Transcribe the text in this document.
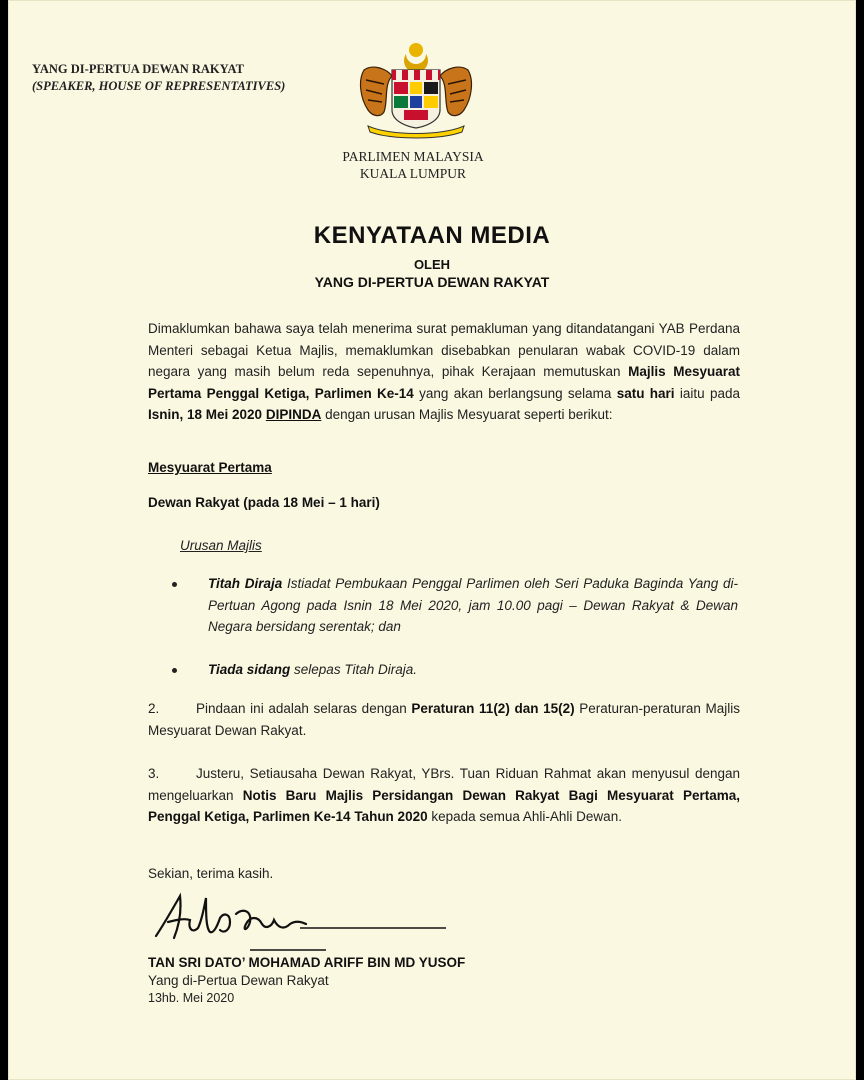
YANG DI-PERTUA DEWAN RAKYAT
(SPEAKER, HOUSE OF REPRESENTATIVES)
PARLIMEN MALAYSIA
KUALA LUMPUR
KENYATAAN MEDIA
OLEH
YANG DI-PERTUA DEWAN RAKYAT
Dimaklumkan bahawa saya telah menerima surat pemakluman yang ditandatangani YAB Perdana Menteri sebagai Ketua Majlis, memaklumkan disebabkan penularan wabak COVID-19 dalam negara yang masih belum reda sepenuhnya, pihak Kerajaan memutuskan Majlis Mesyuarat Pertama Penggal Ketiga, Parlimen Ke-14 yang akan berlangsung selama satu hari iaitu pada Isnin, 18 Mei 2020 DIPINDA dengan urusan Majlis Mesyuarat seperti berikut:
Mesyuarat Pertama
Dewan Rakyat (pada 18 Mei – 1 hari)
Urusan Majlis
Titah Diraja Istiadat Pembukaan Penggal Parlimen oleh Seri Paduka Baginda Yang di-Pertuan Agong pada Isnin 18 Mei 2020, jam 10.00 pagi – Dewan Rakyat & Dewan Negara bersidang serentak; dan
Tiada sidang selepas Titah Diraja.
2.	Pindaan ini adalah selaras dengan Peraturan 11(2) dan 15(2) Peraturan-peraturan Majlis Mesyuarat Dewan Rakyat.
3.	Justeru, Setiausaha Dewan Rakyat, YBrs. Tuan Riduan Rahmat akan menyusul dengan mengeluarkan Notis Baru Majlis Persidangan Dewan Rakyat Bagi Mesyuarat Pertama, Penggal Ketiga, Parlimen Ke-14 Tahun 2020 kepada semua Ahli-Ahli Dewan.
Sekian, terima kasih.
TAN SRI DATO’ MOHAMAD ARIFF BIN MD YUSOF
Yang di-Pertua Dewan Rakyat
13hb. Mei 2020
